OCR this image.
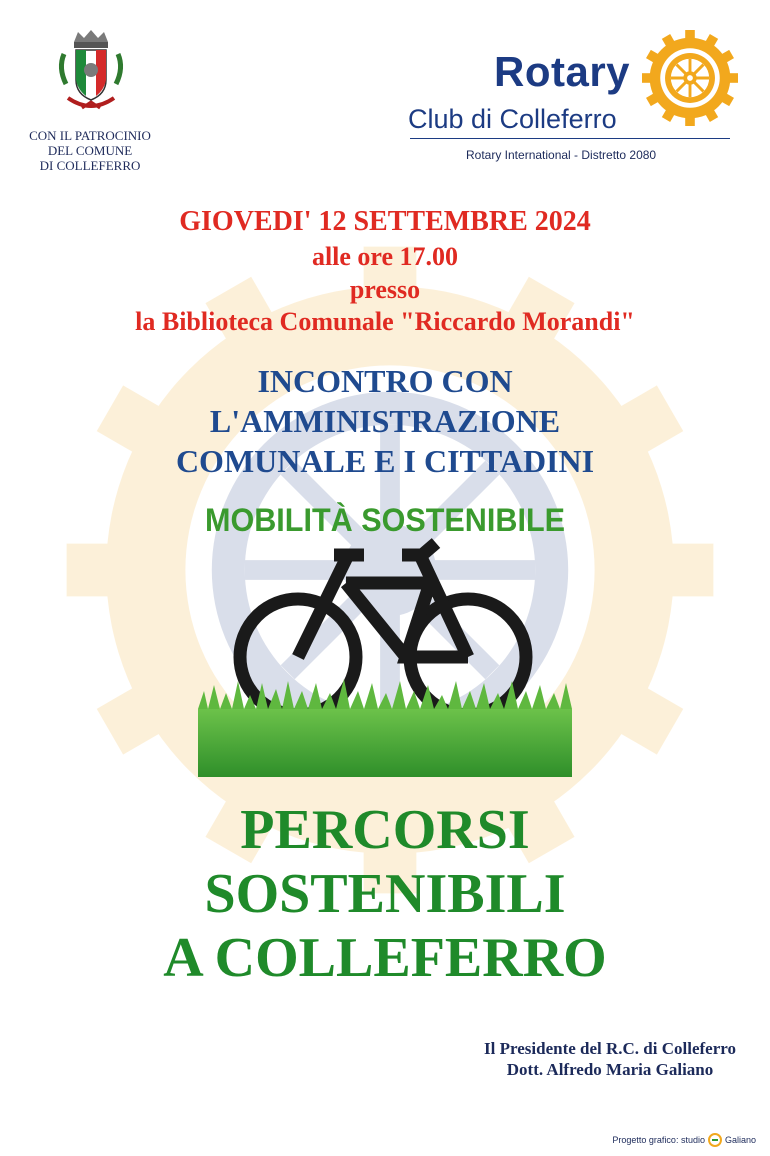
CON IL PATROCINIO
DEL COMUNE
DI COLLEFERRO
Rotary
Club di Colleferro
Rotary International - Distretto 2080
GIOVEDI' 12 SETTEMBRE 2024
alle ore 17.00
presso
la Biblioteca Comunale "Riccardo Morandi"
INCONTRO CON
L'AMMINISTRAZIONE
COMUNALE E I CITTADINI
MOBILITÀ SOSTENIBILE
PERCORSI
SOSTENIBILI
A COLLEFERRO
Il Presidente del R.C. di Colleferro
Dott. Alfredo Maria Galiano
Progetto grafico: studio Galiano
